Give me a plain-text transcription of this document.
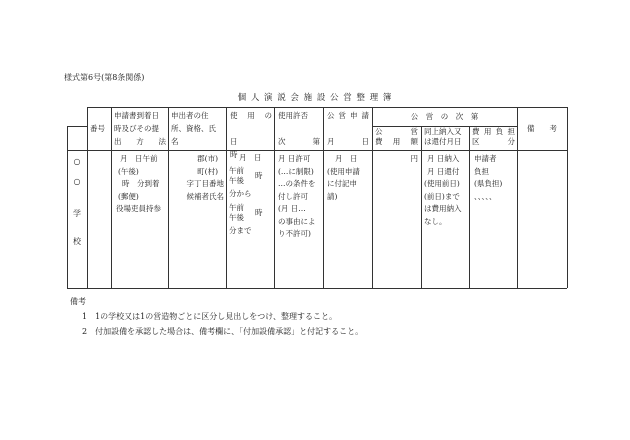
様式第6号(第8条関係)
個 人 演 説 会 施 設 公 営 整 理 簿
○
○
学
校
番号
申請書到着日
時及びその提
出　方　法
申出者の住
所、資格、氏
名
使　用　の
日　　　　時
使用許否
次　　　第
公営申請
月　　　日
公　営　の　次　第
公　　　営
費　用　額
同上納入又
は還付月日
費 用 負 担
区　　　分
備　　考
月　日午前
(午後)
時　分到着
(郵便)
役場吏員持参
郡(市)
町(村)
字丁目番地
候補者氏名
月　日
午前
午後
時
分から
午前
午後
時
分まで
月 日許可
(…に制限)
…の条件を
付し許可
(月 日…
の事由によ
り不許可)
月　日
(使用申請
に付記申
請)
円	月 日納入
月 日還付
(使用前日)
(前日)まで
は費用納入
なし。
申請者
負担
(県負担)
、、、、、
備考
1　1の学校又は1の営造物ごとに区分し見出しをつけ、整理すること。
2　付加設備を承認した場合は、備考欄に、「付加設備承認」と付記すること。
